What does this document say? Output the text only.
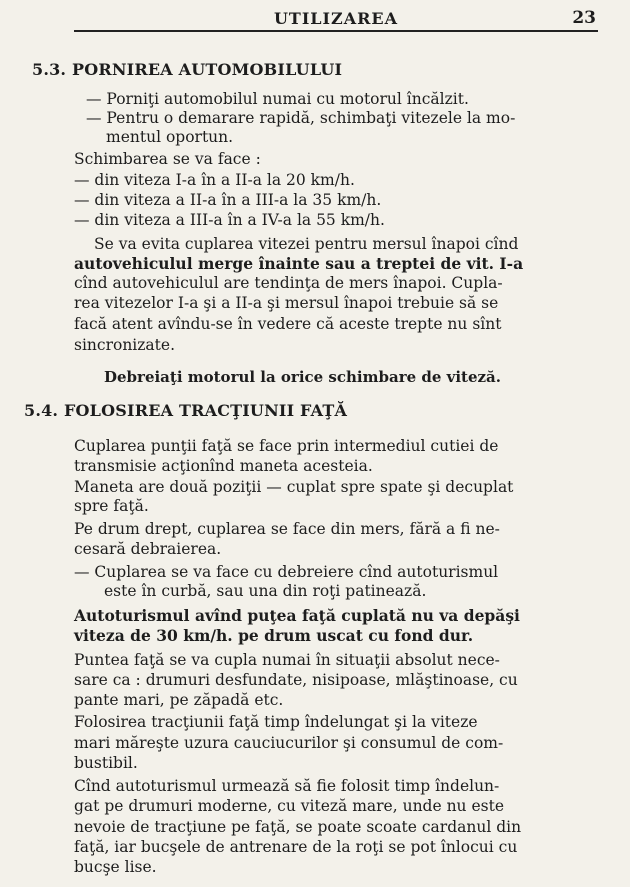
UTILIZAREA	23
5.3. PORNIREA AUTOMOBILULUI
— Porniţi automobilul numai cu motorul încălzit.
— Pentru o demarare rapidă, schimbaţi vitezele la mo-
mentul oportun.
Schimbarea se va face :
— din viteza I-a în a II-a la 20 km/h.
— din viteza a II-a în a III-a la 35 km/h.
— din viteza a III-a în a IV-a la 55 km/h.
Se va evita cuplarea vitezei pentru mersul înapoi cînd
autovehiculul merge înainte sau a treptei de vit. I-a
cînd autovehiculul are tendinţa de mers înapoi. Cupla-
rea vitezelor I-a şi a II-a şi mersul înapoi trebuie să se
facă atent avîndu-se în vedere că aceste trepte nu sînt
sincronizate.
Debreiaţi motorul la orice schimbare de viteză.
5.4. FOLOSIREA TRACŢIUNII FAŢĂ
Cuplarea punţii faţă se face prin intermediul cutiei de
transmisie acţionînd maneta acesteia.
Maneta are două poziţii — cuplat spre spate şi decuplat
spre faţă.
Pe drum drept, cuplarea se face din mers, fără a fi ne-
cesară debraierea.
— Cuplarea se va face cu debreiere cînd autoturismul
este în curbă, sau una din roţi patinează.
Autoturismul avînd puţea faţă cuplată nu va depăşi
viteza de 30 km/h. pe drum uscat cu fond dur.
Puntea faţă se va cupla numai în situaţii absolut nece-
sare ca : drumuri desfundate, nisipoase, mlăştinoase, cu
pante mari, pe zăpadă etc.
Folosirea tracţiunii faţă timp îndelungat şi la viteze
mari măreşte uzura cauciucurilor şi consumul de com-
bustibil.
Cînd autoturismul urmează să fie folosit timp îndelun-
gat pe drumuri moderne, cu viteză mare, unde nu este
nevoie de tracţiune pe faţă, se poate scoate cardanul din
faţă, iar bucşele de antrenare de la roţi se pot înlocui cu
bucşe lise.
